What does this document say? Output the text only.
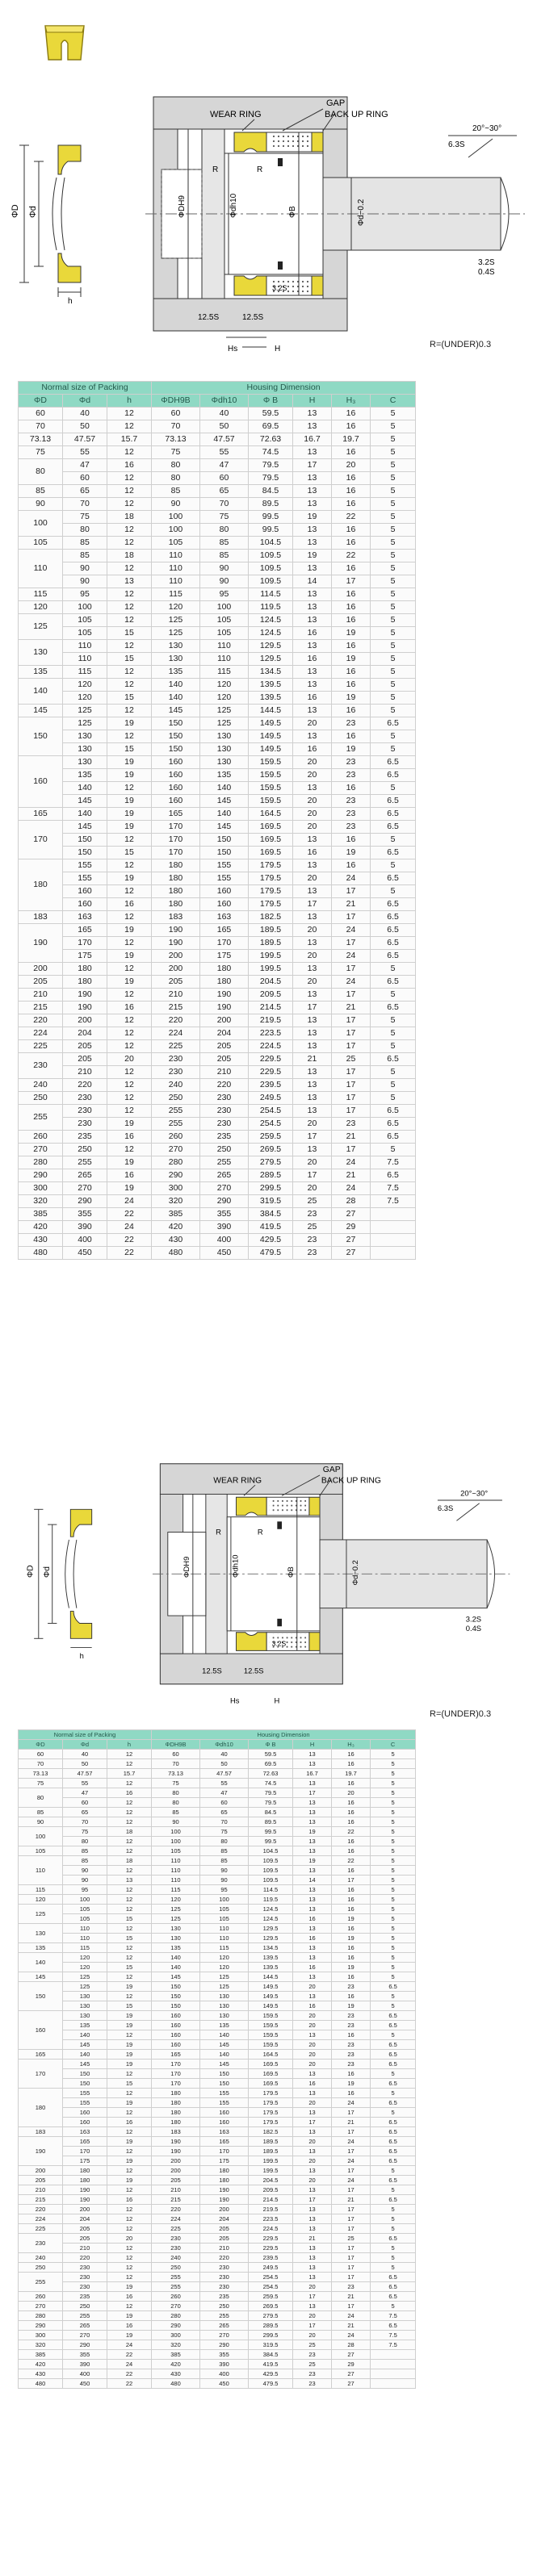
ΦD Φd
h
WEAR RING
GAP
BACK UP RING
ΦDH9	Φdh10	ΦB	Φd−0.2
R	R
3.2S
3.2S
0.4S
12.5S	12.5S
6.3S
20°~30°
Hs	H	R=(UNDER)0.3
Normal size of Packing			Housing Dimension					
ΦD	Φd	h	ΦDH9B	Φdh10	Φ B	H	H₃	C
60	40	12	60	40	59.5	13	16	5
70	50	12	70	50	69.5	13	16	5
73.13	47.57	15.7	73.13	47.57	72.63	16.7	19.7	5
75	55	12	75	55	74.5	13	16	5
80	47	16	80	47	79.5	17	20	5
	60	12	80	60	79.5	13	16	5
85	65	12	85	65	84.5	13	16	5
90	70	12	90	70	89.5	13	16	5
100	75	18	100	75	99.5	19	22	5
	80	12	100	80	99.5	13	16	5
105	85	12	105	85	104.5	13	16	5
110	85	18	110	85	109.5	19	22	5
	90	12	110	90	109.5	13	16	5
	90	13	110	90	109.5	14	17	5
115	95	12	115	95	114.5	13	16	5
120	100	12	120	100	119.5	13	16	5
125	105	12	125	105	124.5	13	16	5
	105	15	125	105	124.5	16	19	5
130	110	12	130	110	129.5	13	16	5
	110	15	130	110	129.5	16	19	5
135	115	12	135	115	134.5	13	16	5
140	120	12	140	120	139.5	13	16	5
	120	15	140	120	139.5	16	19	5
145	125	12	145	125	144.5	13	16	5
150	125	19	150	125	149.5	20	23	6.5
	130	12	150	130	149.5	13	16	5
	130	15	150	130	149.5	16	19	5
160	130	19	160	130	159.5	20	23	6.5
	135	19	160	135	159.5	20	23	6.5
	140	12	160	140	159.5	13	16	5
	145	19	160	145	159.5	20	23	6.5
165	140	19	165	140	164.5	20	23	6.5
170	145	19	170	145	169.5	20	23	6.5
	150	12	170	150	169.5	13	16	5
	150	15	170	150	169.5	16	19	6.5
180	155	12	180	155	179.5	13	16	5
	155	19	180	155	179.5	20	24	6.5
	160	12	180	160	179.5	13	17	5
	160	16	180	160	179.5	17	21	6.5
183	163	12	183	163	182.5	13	17	6.5
190	165	19	190	165	189.5	20	24	6.5
	170	12	190	170	189.5	13	17	6.5
	175	19	200	175	199.5	20	24	6.5
200	180	12	200	180	199.5	13	17	5
205	180	19	205	180	204.5	20	24	6.5
210	190	12	210	190	209.5	13	17	5
215	190	16	215	190	214.5	17	21	6.5
220	200	12	220	200	219.5	13	17	5
224	204	12	224	204	223.5	13	17	5
225	205	12	225	205	224.5	13	17	5
230	205	20	230	205	229.5	21	25	6.5
	210	12	230	210	229.5	13	17	5
240	220	12	240	220	239.5	13	17	5
250	230	12	250	230	249.5	13	17	5
255	230	12	255	230	254.5	13	17	6.5
	230	19	255	230	254.5	20	23	6.5
260	235	16	260	235	259.5	17	21	6.5
270	250	12	270	250	269.5	13	17	5
280	255	19	280	255	279.5	20	24	7.5
290	265	16	290	265	289.5	17	21	6.5
300	270	19	300	270	299.5	20	24	7.5
320	290	24	320	290	319.5	25	28	7.5
385	355	22	385	355	384.5	23	27	
420	390	24	420	390	419.5	25	29	
430	400	22	430	400	429.5	23	27	
480	450	22	480	450	479.5	23	27	
ΦD Φd
h
WEAR RING
GAP
BACK UP RING
ΦDH9	Φdh10	ΦB	Φd−0.2
R	R
3.2S
3.2S
0.4S
12.5S	12.5S
6.3S
20°~30°
Hs	H
R=(UNDER)0.3
Normal size of Packing			Housing Dimension					
ΦD	Φd	h	ΦDH9B	Φdh10	Φ B	H	H₃	C
60	40	12	60	40	59.5	13	16	5
70	50	12	70	50	69.5	13	16	5
73.13	47.57	15.7	73.13	47.57	72.63	16.7	19.7	5
75	55	12	75	55	74.5	13	16	5
80	47	16	80	47	79.5	17	20	5
	60	12	80	60	79.5	13	16	5
85	65	12	85	65	84.5	13	16	5
90	70	12	90	70	89.5	13	16	5
100	75	18	100	75	99.5	19	22	5
	80	12	100	80	99.5	13	16	5
105	85	12	105	85	104.5	13	16	5
110	85	18	110	85	109.5	19	22	5
	90	12	110	90	109.5	13	16	5
	90	13	110	90	109.5	14	17	5
115	95	12	115	95	114.5	13	16	5
120	100	12	120	100	119.5	13	16	5
125	105	12	125	105	124.5	13	16	5
	105	15	125	105	124.5	16	19	5
130	110	12	130	110	129.5	13	16	5
	110	15	130	110	129.5	16	19	5
135	115	12	135	115	134.5	13	16	5
140	120	12	140	120	139.5	13	16	5
	120	15	140	120	139.5	16	19	5
145	125	12	145	125	144.5	13	16	5
150	125	19	150	125	149.5	20	23	6.5
	130	12	150	130	149.5	13	16	5
	130	15	150	130	149.5	16	19	5
160	130	19	160	130	159.5	20	23	6.5
	135	19	160	135	159.5	20	23	6.5
	140	12	160	140	159.5	13	16	5
	145	19	160	145	159.5	20	23	6.5
165	140	19	165	140	164.5	20	23	6.5
170	145	19	170	145	169.5	20	23	6.5
	150	12	170	150	169.5	13	16	5
	150	15	170	150	169.5	16	19	6.5
180	155	12	180	155	179.5	13	16	5
	155	19	180	155	179.5	20	24	6.5
	160	12	180	160	179.5	13	17	5
	160	16	180	160	179.5	17	21	6.5
183	163	12	183	163	182.5	13	17	6.5
190	165	19	190	165	189.5	20	24	6.5
	170	12	190	170	189.5	13	17	6.5
	175	19	200	175	199.5	20	24	6.5
200	180	12	200	180	199.5	13	17	5
205	180	19	205	180	204.5	20	24	6.5
210	190	12	210	190	209.5	13	17	5
215	190	16	215	190	214.5	17	21	6.5
220	200	12	220	200	219.5	13	17	5
224	204	12	224	204	223.5	13	17	5
225	205	12	225	205	224.5	13	17	5
230	205	20	230	205	229.5	21	25	6.5
	210	12	230	210	229.5	13	17	5
240	220	12	240	220	239.5	13	17	5
250	230	12	250	230	249.5	13	17	5
255	230	12	255	230	254.5	13	17	6.5
	230	19	255	230	254.5	20	23	6.5
260	235	16	260	235	259.5	17	21	6.5
270	250	12	270	250	269.5	13	17	5
280	255	19	280	255	279.5	20	24	7.5
290	265	16	290	265	289.5	17	21	6.5
300	270	19	300	270	299.5	20	24	7.5
320	290	24	320	290	319.5	25	28	7.5
385	355	22	385	355	384.5	23	27	
420	390	24	420	390	419.5	25	29	
430	400	22	430	400	429.5	23	27	
480	450	22	480	450	479.5	23	27	
